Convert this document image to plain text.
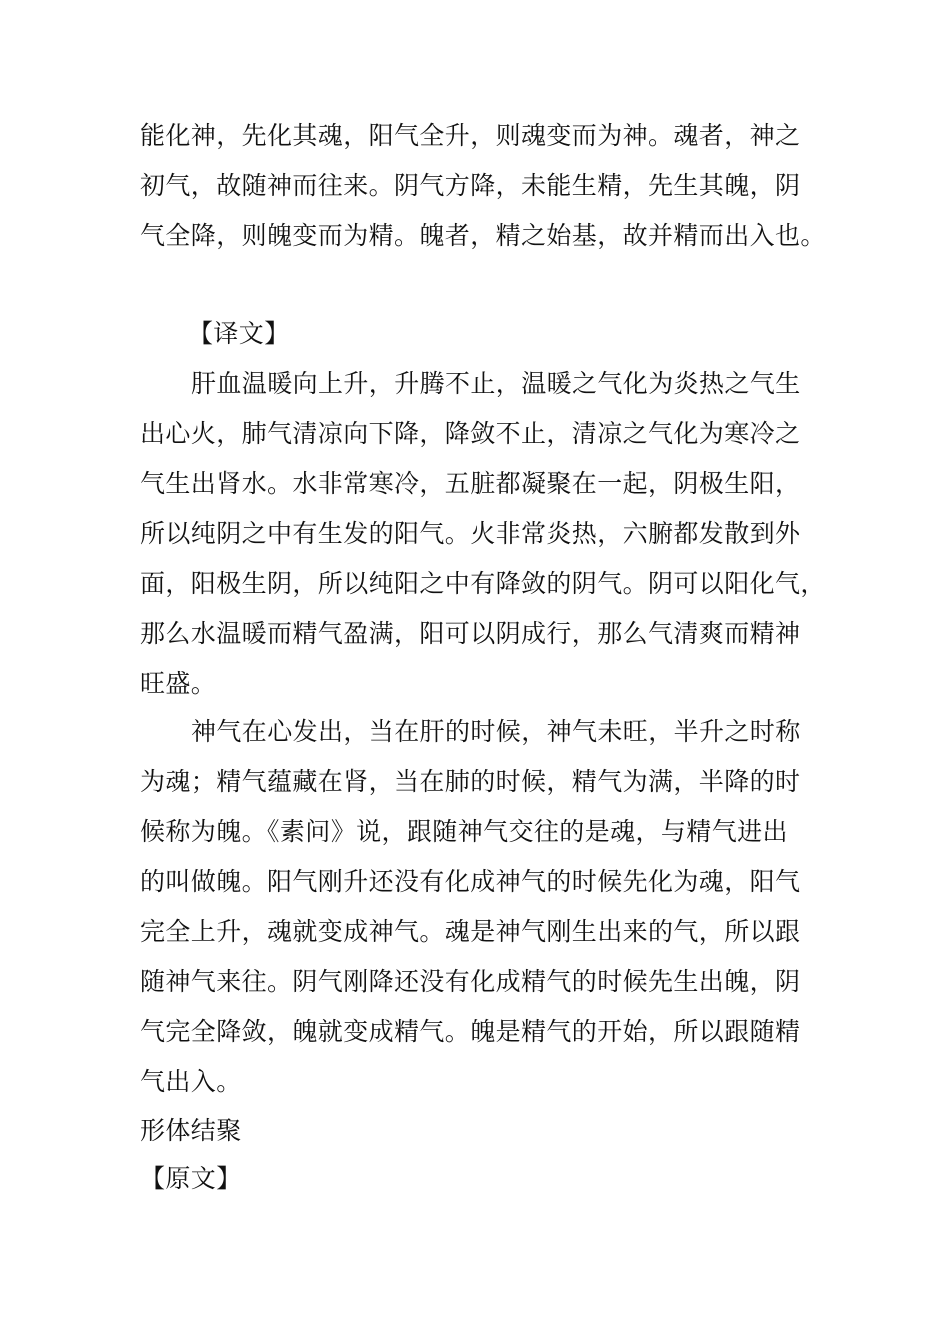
能化神，先化其魂，阳气全升，则魂变而为神。魂者，神之
初气，故随神而往来。阴气方降，未能生精，先生其魄，阴
气全降，则魄变而为精。魄者，精之始基，故并精而出入也。
【译文】
肝血温暖向上升，升腾不止，温暖之气化为炎热之气生
出心火，肺气清凉向下降，降敛不止，清凉之气化为寒冷之
气生出肾水。水非常寒冷，五脏都凝聚在一起，阴极生阳，
所以纯阴之中有生发的阳气。火非常炎热，六腑都发散到外
面，阳极生阴，所以纯阳之中有降敛的阴气。阴可以阳化气，
那么水温暖而精气盈满，阳可以阴成行，那么气清爽而精神
旺盛。
神气在心发出，当在肝的时候，神气未旺，半升之时称
为魂；精气蕴藏在肾，当在肺的时候，精气为满，半降的时
候称为魄。《素问》说，跟随神气交往的是魂，与精气进出
的叫做魄。阳气刚升还没有化成神气的时候先化为魂，阳气
完全上升，魂就变成神气。魂是神气刚生出来的气，所以跟
随神气来往。阴气刚降还没有化成精气的时候先生出魄，阴
气完全降敛，魄就变成精气。魄是精气的开始，所以跟随精
气出入。
形体结聚
【原文】
